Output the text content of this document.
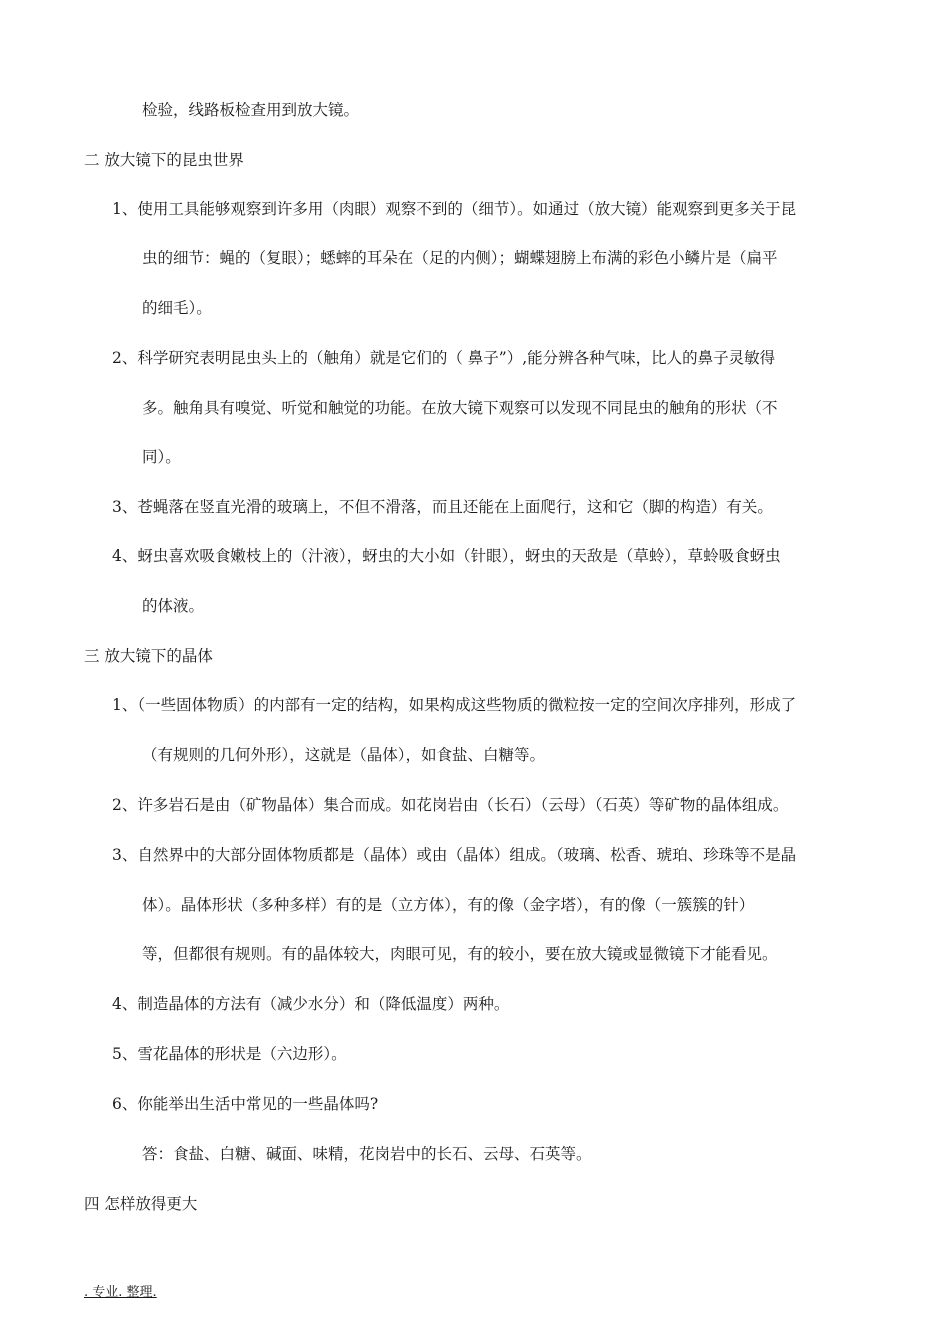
检验，线路板检查用到放大镜。
二 放大镜下的昆虫世界
1、使用工具能够观察到许多用（肉眼）观察不到的（细节）。如通过（放大镜）能观察到更多关于昆
虫的细节：蝇的（复眼）；蟋蟀的耳朵在（足的内侧）；蝴蝶翅膀上布满的彩色小鳞片是（扁平
的细毛）。
2、科学研究表明昆虫头上的（触角）就是它们的（ 鼻子”）,能分辨各种气味，比人的鼻子灵敏得
多。触角具有嗅觉、听觉和触觉的功能。在放大镜下观察可以发现不同昆虫的触角的形状（不
同）。
3、苍蝇落在竖直光滑的玻璃上，不但不滑落，而且还能在上面爬行，这和它（脚的构造）有关。
4、蚜虫喜欢吸食嫩枝上的（汁液），蚜虫的大小如（针眼），蚜虫的天敌是（草蛉），草蛉吸食蚜虫
的体液。
三 放大镜下的晶体
1、（一些固体物质）的内部有一定的结构，如果构成这些物质的微粒按一定的空间次序排列，形成了
（有规则的几何外形），这就是（晶体），如食盐、白糖等。
2、许多岩石是由（矿物晶体）集合而成。如花岗岩由（长石）（云母）（石英）等矿物的晶体组成。
3、自然界中的大部分固体物质都是（晶体）或由（晶体）组成。（玻璃、松香、琥珀、珍珠等不是晶
体）。晶体形状（多种多样）有的是（立方体），有的像（金字塔），有的像（一簇簇的针）
等，但都很有规则。有的晶体较大，肉眼可见，有的较小，要在放大镜或显微镜下才能看见。
4、制造晶体的方法有（减少水分）和（降低温度）两种。
5、雪花晶体的形状是（六边形）。
6、你能举出生活中常见的一些晶体吗?
答：食盐、白糖、碱面、味精，花岗岩中的长石、云母、石英等。
四 怎样放得更大
. 专业. 整理.
